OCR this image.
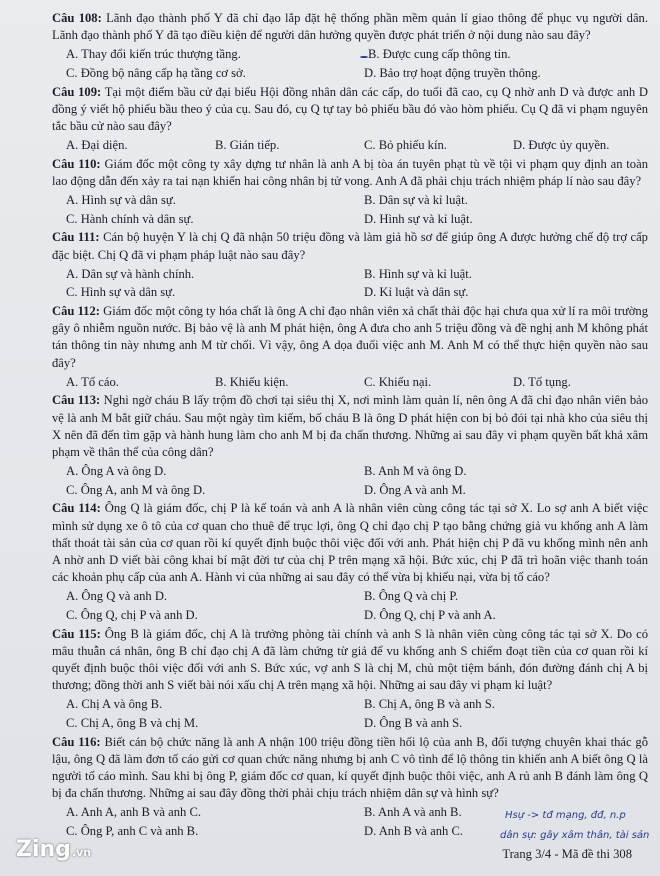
Câu 108: Lãnh đạo thành phố Y đã chỉ đạo lắp đặt hệ thống phần mềm quản lí giao thông để phục vụ người dân. Lãnh đạo thành phố Y đã tạo điều kiện để người dân hưởng quyền được phát triển ở nội dung nào sau đây?

A. Thay đổi kiến trúc thượng tầng.	B. Được cung cấp thông tin.
C. Đồng bộ nâng cấp hạ tầng cơ sở.	D. Bảo trợ hoạt động truyền thông.

Câu 109: Tại một điểm bầu cử đại biểu Hội đồng nhân dân các cấp, do tuổi đã cao, cụ Q nhờ anh D và được anh D đồng ý viết hộ phiếu bầu theo ý của cụ. Sau đó, cụ Q tự tay bỏ phiếu bầu đó vào hòm phiếu. Cụ Q đã vi phạm nguyên tắc bầu cử nào sau đây?

A. Đại diện.	B. Gián tiếp.	C. Bỏ phiếu kín.	D. Được ủy quyền.

Câu 110: Giám đốc một công ty xây dựng tư nhân là anh A bị tòa án tuyên phạt tù về tội vi phạm quy định an toàn lao động dẫn đến xảy ra tai nạn khiến hai công nhân bị tử vong. Anh A đã phải chịu trách nhiệm pháp lí nào sau đây?

A. Hình sự và dân sự.	B. Dân sự và kỉ luật.
C. Hành chính và dân sự.	D. Hình sự và kỉ luật.

Câu 111: Cán bộ huyện Y là chị Q đã nhận 50 triệu đồng và làm giả hồ sơ để giúp ông A được hưởng chế độ trợ cấp đặc biệt. Chị Q đã vi phạm pháp luật nào sau đây?

A. Dân sự và hành chính.	B. Hình sự và kỉ luật.
C. Hình sự và dân sự.	D. Kỉ luật và dân sự.

Câu 112: Giám đốc một công ty hóa chất là ông A chỉ đạo nhân viên xả chất thải độc hại chưa qua xử lí ra môi trường gây ô nhiễm nguồn nước. Bị bảo vệ là anh M phát hiện, ông A đưa cho anh 5 triệu đồng và đề nghị anh M không phát tán thông tin này nhưng anh M từ chối. Vì vậy, ông A dọa đuổi việc anh M. Anh M có thể thực hiện quyền nào sau đây?

A. Tố cáo.	B. Khiếu kiện.	C. Khiếu nại.	D. Tố tụng.

Câu 113: Nghi ngờ cháu B lấy trộm đồ chơi tại siêu thị X, nơi mình làm quản lí, nên ông A đã chỉ đạo nhân viên bảo vệ là anh M bắt giữ cháu. Sau một ngày tìm kiếm, bố cháu B là ông D phát hiện con bị bỏ đói tại nhà kho của siêu thị X nên đã đến tìm gặp và hành hung làm cho anh M bị đa chấn thương. Những ai sau đây vi phạm quyền bất khả xâm phạm về thân thể của công dân?

A. Ông A và ông D.	B. Anh M và ông D.
C. Ông A, anh M và ông D.	D. Ông A và anh M.

Câu 114: Ông Q là giám đốc, chị P là kế toán và anh A là nhân viên cùng công tác tại sở X. Lo sợ anh A biết việc mình sử dụng xe ô tô của cơ quan cho thuê để trục lợi, ông Q chỉ đạo chị P tạo bằng chứng giả vu khống anh A làm thất thoát tài sản của cơ quan rồi kí quyết định buộc thôi việc đối với anh. Phát hiện chị P đã vu khống mình nên anh A nhờ anh D viết bài công khai bí mật đời tư của chị P trên mạng xã hội. Bức xúc, chị P đã trì hoãn việc thanh toán các khoản phụ cấp của anh A. Hành vi của những ai sau đây có thể vừa bị khiếu nại, vừa bị tố cáo?

A. Ông Q và anh D.	B. Ông Q và chị P.
C. Ông Q, chị P và anh D.	D. Ông Q, chị P và anh A.

Câu 115: Ông B là giám đốc, chị A là trưởng phòng tài chính và anh S là nhân viên cùng công tác tại sở X. Do có mâu thuẫn cá nhân, ông B chỉ đạo chị A đã làm chứng từ giả để vu khống anh S chiếm đoạt tiền của cơ quan rồi kí quyết định buộc thôi việc đối với anh S. Bức xúc, vợ anh S là chị M, chủ một tiệm bánh, đón đường đánh chị A bị thương; đồng thời anh S viết bài nói xấu chị A trên mạng xã hội. Những ai sau đây vi phạm kỉ luật?

A. Chị A và ông B.	B. Chị A, ông B và anh S.
C. Chị A, ông B và chị M.	D. Ông B và anh S.

Câu 116: Biết cán bộ chức năng là anh A nhận 100 triệu đồng tiền hối lộ của anh B, đối tượng chuyên khai thác gỗ lậu, ông Q đã làm đơn tố cáo gửi cơ quan chức năng nhưng bị anh C vô tình để lộ thông tin khiến anh A biết ông Q là người tố cáo mình. Sau khi bị ông P, giám đốc cơ quan, kí quyết định buộc thôi việc, anh A rủ anh B đánh làm ông Q bị đa chấn thương. Những ai sau đây đồng thời phải chịu trách nhiệm dân sự và hình sự?

A. Anh A, anh B và anh C.	B. Anh A và anh B.
C. Ông P, anh C và anh B.	D. Anh B và anh C.
Hsự -> tđ mạng, đđ, n.p
dân sự: gây xâm thân, tài sản
Zing.vn	Trang 3/4 - Mã đề thi 308
